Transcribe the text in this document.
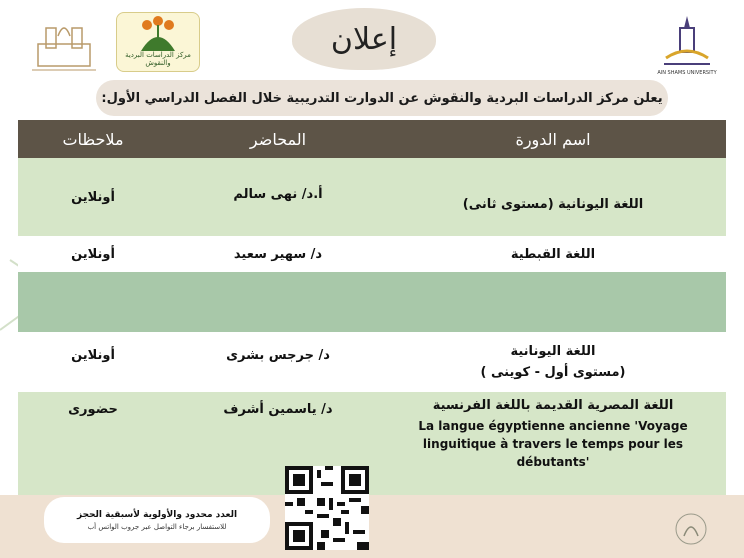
مركز الدراسات البردية والنقوش
AIN SHAMS UNIVERSITY
إعلان
يعلن مركز الدراسات البردية والنقوش عن الدوارت التدريبية خلال الفصل الدراسي الأول:
اسم الدورة
المحاضر
ملاحظات
اللغة اليونانية (مستوى ثانى)
أ.د/ نهى سالم
أونلاين
اللغة القبطية
د/ سهير سعيد
أونلاين
اللغة اليونانية
(مستوى أول - كوينى )
د/ جرجس بشرى
أونلاين
اللغة المصرية القديمة باللغة الفرنسية
La langue égyptienne ancienne 'Voyage linguitique à travers le temps pour les débutants'
د/ ياسمين أشرف
حضورى
العدد محدود والأولوية لأسبقية الحجز
للاستفسار برجاء التواصل عبر جروب الواتس أب
